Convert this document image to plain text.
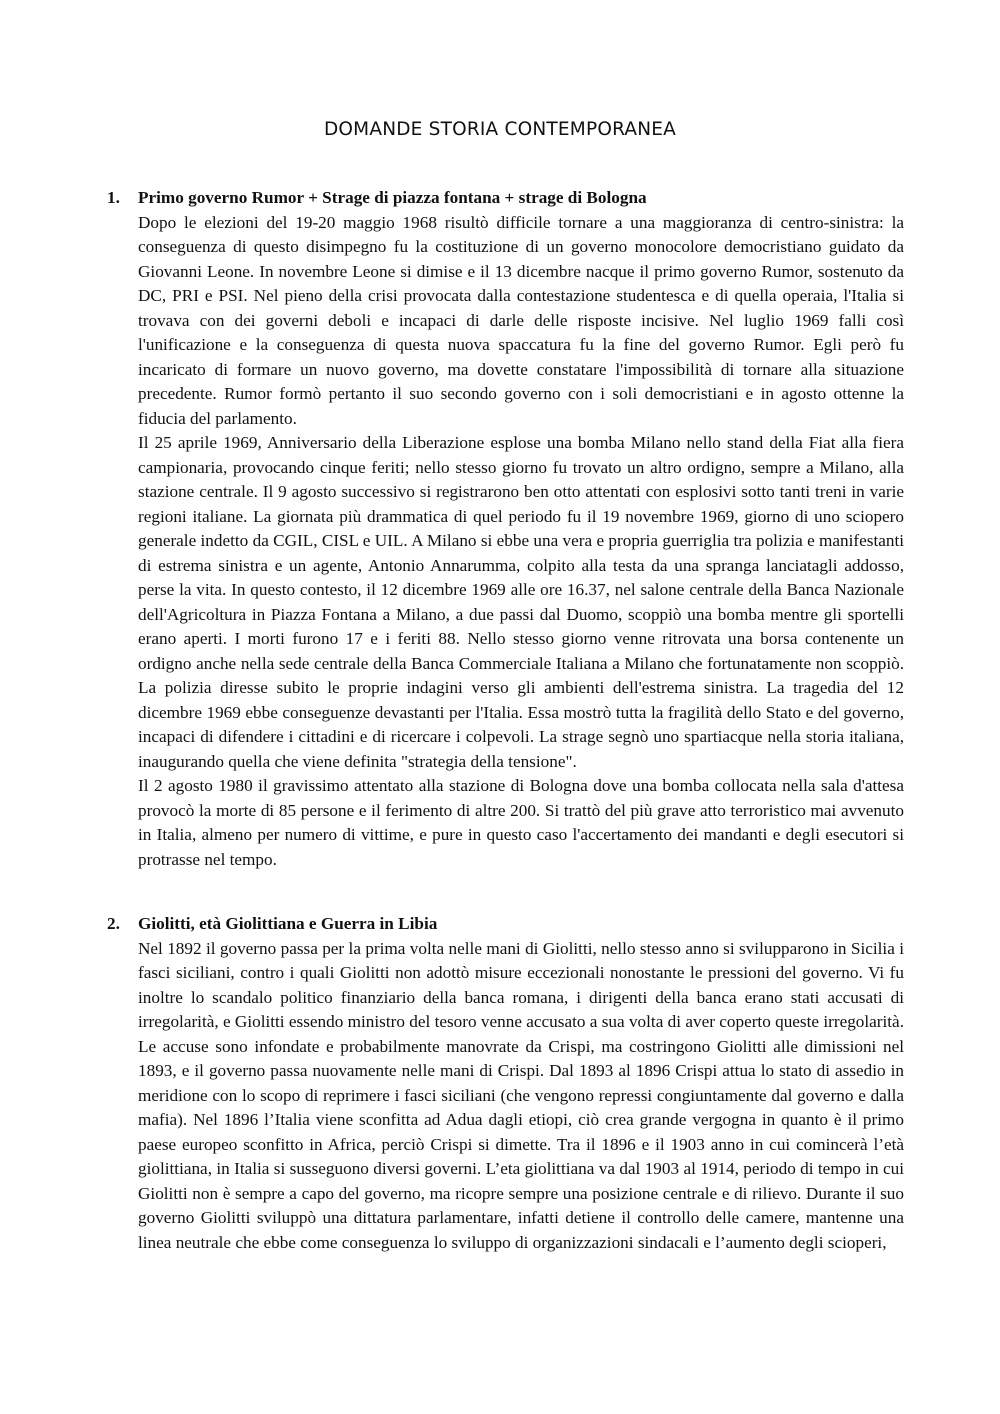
DOMANDE STORIA CONTEMPORANEA
1. Primo governo Rumor + Strage di piazza fontana + strage di Bologna

Dopo le elezioni del 19-20 maggio 1968 risultò difficile tornare a una maggioranza di centro-sinistra: la conseguenza di questo disimpegno fu la costituzione di un governo monocolore democristiano guidato da Giovanni Leone. In novembre Leone si dimise e il 13 dicembre nacque il primo governo Rumor, sostenuto da DC, PRI e PSI. Nel pieno della crisi provocata dalla contestazione studentesca e di quella operaia, l'Italia si trovava con dei governi deboli e incapaci di darle delle risposte incisive. Nel luglio 1969 falli così l'unificazione e la conseguenza di questa nuova spaccatura fu la fine del governo Rumor. Egli però fu incaricato di formare un nuovo governo, ma dovette constatare l'impossibilità di tornare alla situazione precedente. Rumor formò pertanto il suo secondo governo con i soli democristiani e in agosto ottenne la fiducia del parlamento.

Il 25 aprile 1969, Anniversario della Liberazione esplose una bomba Milano nello stand della Fiat alla fiera campionaria, provocando cinque feriti; nello stesso giorno fu trovato un altro ordigno, sempre a Milano, alla stazione centrale. Il 9 agosto successivo si registrarono ben otto attentati con esplosivi sotto tanti treni in varie regioni italiane. La giornata più drammatica di quel periodo fu il 19 novembre 1969, giorno di uno sciopero generale indetto da CGIL, CISL e UIL. A Milano si ebbe una vera e propria guerriglia tra polizia e manifestanti di estrema sinistra e un agente, Antonio Annarumma, colpito alla testa da una spranga lanciatagli addosso, perse la vita. In questo contesto, il 12 dicembre 1969 alle ore 16.37, nel salone centrale della Banca Nazionale dell'Agricoltura in Piazza Fontana a Milano, a due passi dal Duomo, scoppiò una bomba mentre gli sportelli erano aperti. I morti furono 17 e i feriti 88. Nello stesso giorno venne ritrovata una borsa contenente un ordigno anche nella sede centrale della Banca Commerciale Italiana a Milano che fortunatamente non scoppiò. La polizia diresse subito le proprie indagini verso gli ambienti dell'estrema sinistra. La tragedia del 12 dicembre 1969 ebbe conseguenze devastanti per l'Italia. Essa mostrò tutta la fragilità dello Stato e del governo, incapaci di difendere i cittadini e di ricercare i colpevoli. La strage segnò uno spartiacque nella storia italiana, inaugurando quella che viene definita "strategia della tensione".

Il 2 agosto 1980 il gravissimo attentato alla stazione di Bologna dove una bomba collocata nella sala d'attesa provocò la morte di 85 persone e il ferimento di altre 200. Si trattò del più grave atto terroristico mai avvenuto in Italia, almeno per numero di vittime, e pure in questo caso l'accertamento dei mandanti e degli esecutori si protrasse nel tempo.

2. Giolitti, età Giolittiana e Guerra in Libia

Nel 1892 il governo passa per la prima volta nelle mani di Giolitti, nello stesso anno si svilupparono in Sicilia i fasci siciliani, contro i quali Giolitti non adottò misure eccezionali nonostante le pressioni del governo. Vi fu inoltre lo scandalo politico finanziario della banca romana, i dirigenti della banca erano stati accusati di irregolarità, e Giolitti essendo ministro del tesoro venne accusato a sua volta di aver coperto queste irregolarità. Le accuse sono infondate e probabilmente manovrate da Crispi, ma costringono Giolitti alle dimissioni nel 1893, e il governo passa nuovamente nelle mani di Crispi. Dal 1893 al 1896 Crispi attua lo stato di assedio in meridione con lo scopo di reprimere i fasci siciliani (che vengono repressi congiuntamente dal governo e dalla mafia). Nel 1896 l’Italia viene sconfitta ad Adua dagli etiopi, ciò crea grande vergogna in quanto è il primo paese europeo sconfitto in Africa, perciò Crispi si dimette. Tra il 1896 e il 1903 anno in cui comincerà l’età giolittiana, in Italia si susseguono diversi governi. L’eta giolittiana va dal 1903 al 1914, periodo di tempo in cui Giolitti non è sempre a capo del governo, ma ricopre sempre una posizione centrale e di rilievo. Durante il suo governo Giolitti sviluppò una dittatura parlamentare, infatti detiene il controllo delle camere, mantenne una linea neutrale che ebbe come conseguenza lo sviluppo di organizzazioni sindacali e l’aumento degli scioperi,
